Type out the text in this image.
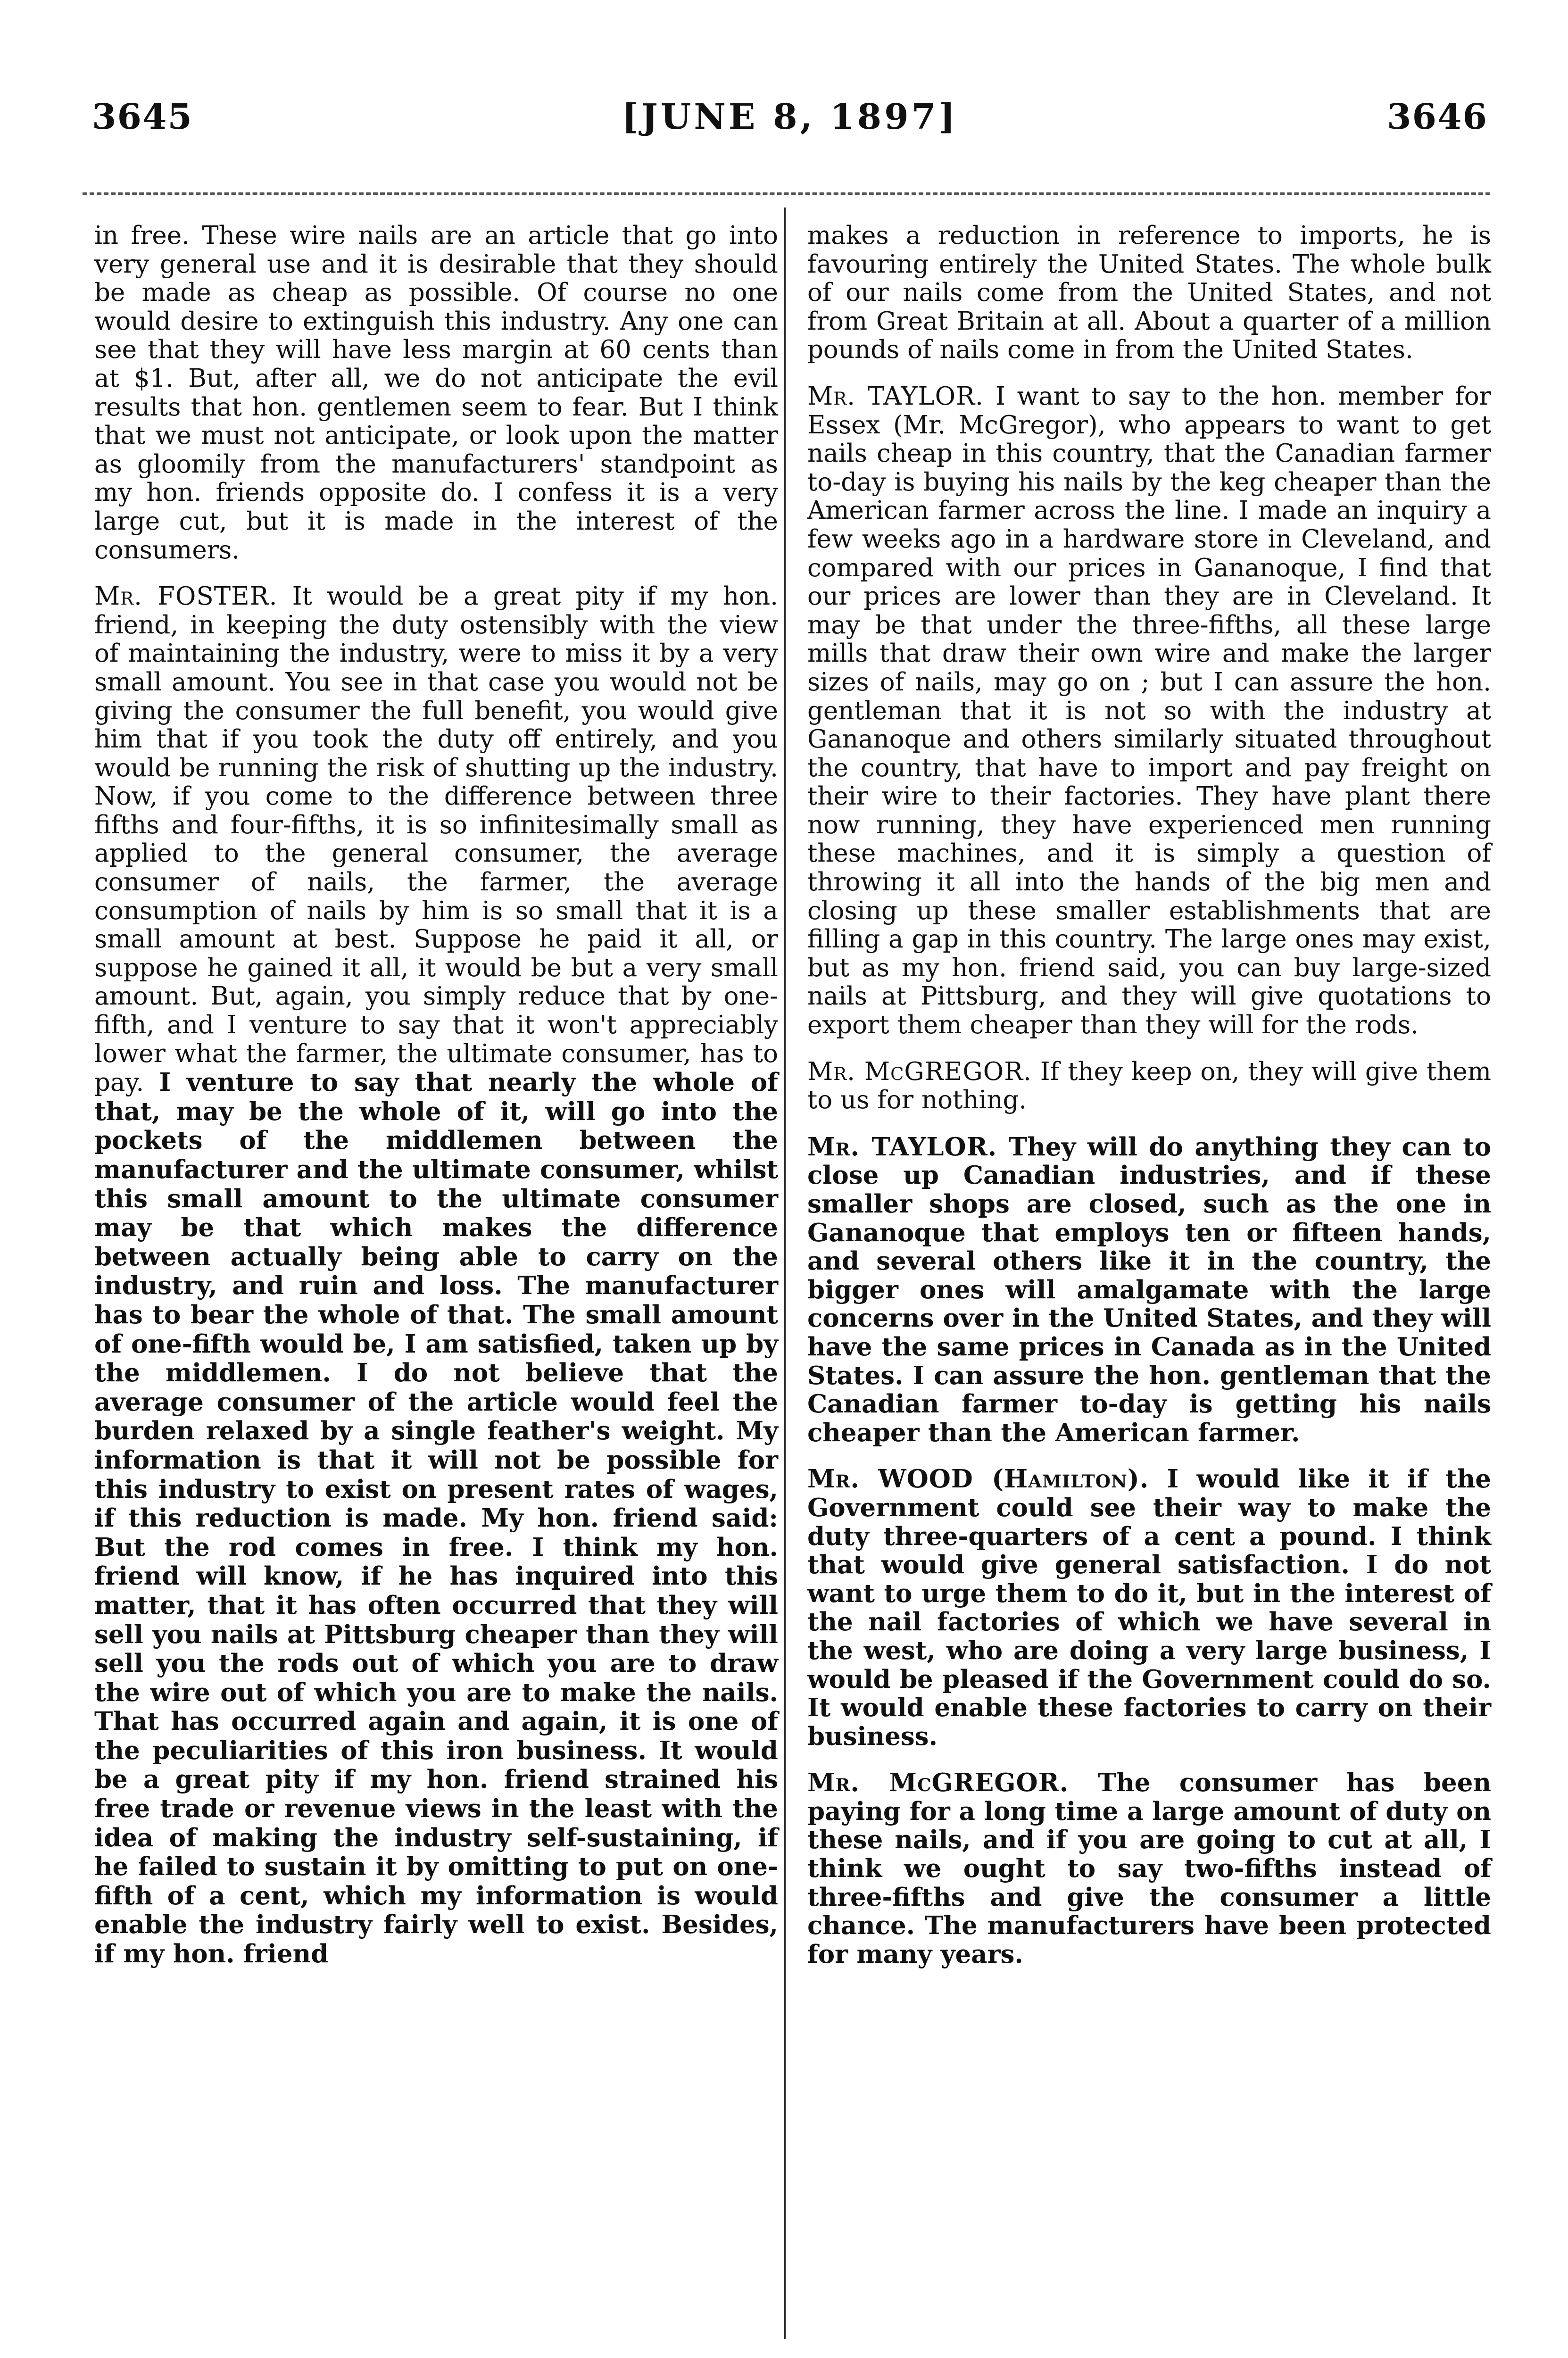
3645	[JUNE 8, 1897]	3646

in free. These wire nails are an article that go into very general use and it is desirable that they should be made as cheap as possible. Of course no one would desire to extinguish this industry. Any one can see that they will have less margin at 60 cents than at $1. But, after all, we do not anticipate the evil results that hon. gentlemen seem to fear. But I think that we must not anticipate, or look upon the matter as gloomily from the manufacturers' standpoint as my hon. friends opposite do. I confess it is a very large cut, but it is made in the interest of the consumers.

Mr. FOSTER. It would be a great pity if my hon. friend, in keeping the duty ostensibly with the view of maintaining the industry, were to miss it by a very small amount. You see in that case you would not be giving the consumer the full benefit, you would give him that if you took the duty off entirely, and you would be running the risk of shutting up the industry. Now, if you come to the difference between three fifths and four-fifths, it is so infinitesimally small as applied to the general consumer, the average consumer of nails, the farmer, the average consumption of nails by him is so small that it is a small amount at best. Suppose he paid it all, or suppose he gained it all, it would be but a very small amount. But, again, you simply reduce that by one-fifth, and I venture to say that it won't appreciably lower what the farmer, the ultimate consumer, has to pay. I venture to say that nearly the whole of that, may be the whole of it, will go into the pockets of the middlemen between the manufacturer and the ultimate consumer, whilst this small amount to the ultimate consumer may be that which makes the difference between actually being able to carry on the industry, and ruin and loss. The manufacturer has to bear the whole of that. The small amount of one-fifth would be, I am satisfied, taken up by the middlemen. I do not believe that the average consumer of the article would feel the burden relaxed by a single feather's weight. My information is that it will not be possible for this industry to exist on present rates of wages, if this reduction is made. My hon. friend said: But the rod comes in free. I think my hon. friend will know, if he has inquired into this matter, that it has often occurred that they will sell you nails at Pittsburg cheaper than they will sell you the rods out of which you are to draw the wire out of which you are to make the nails. That has occurred again and again, it is one of the peculiarities of this iron business. It would be a great pity if my hon. friend strained his free trade or revenue views in the least with the idea of making the industry self-sustaining, if he failed to sustain it by omitting to put on one-fifth of a cent, which my information is would enable the industry fairly well to exist. Besides, if my hon. friend

makes a reduction in reference to imports, he is favouring entirely the United States. The whole bulk of our nails come from the United States, and not from Great Britain at all. About a quarter of a million pounds of nails come in from the United States.

Mr. TAYLOR. I want to say to the hon. member for Essex (Mr. McGregor), who appears to want to get nails cheap in this country, that the Canadian farmer to-day is buying his nails by the keg cheaper than the American farmer across the line. I made an inquiry a few weeks ago in a hardware store in Cleveland, and compared with our prices in Gananoque, I find that our prices are lower than they are in Cleveland. It may be that under the three-fifths, all these large mills that draw their own wire and make the larger sizes of nails, may go on ; but I can assure the hon. gentleman that it is not so with the industry at Gananoque and others similarly situated throughout the country, that have to import and pay freight on their wire to their factories. They have plant there now running, they have experienced men running these machines, and it is simply a question of throwing it all into the hands of the big men and closing up these smaller establishments that are filling a gap in this country. The large ones may exist, but as my hon. friend said, you can buy large-sized nails at Pittsburg, and they will give quotations to export them cheaper than they will for the rods.

Mr. McGREGOR. If they keep on, they will give them to us for nothing.

Mr. TAYLOR. They will do anything they can to close up Canadian industries, and if these smaller shops are closed, such as the one in Gananoque that employs ten or fifteen hands, and several others like it in the country, the bigger ones will amalgamate with the large concerns over in the United States, and they will have the same prices in Canada as in the United States. I can assure the hon. gentleman that the Canadian farmer to-day is getting his nails cheaper than the American farmer.

Mr. WOOD (Hamilton). I would like it if the Government could see their way to make the duty three-quarters of a cent a pound. I think that would give general satisfaction. I do not want to urge them to do it, but in the interest of the nail factories of which we have several in the west, who are doing a very large business, I would be pleased if the Government could do so. It would enable these factories to carry on their business.

Mr. McGREGOR. The consumer has been paying for a long time a large amount of duty on these nails, and if you are going to cut at all, I think we ought to say two-fifths instead of three-fifths and give the consumer a little chance. The manufacturers have been protected for many years.
